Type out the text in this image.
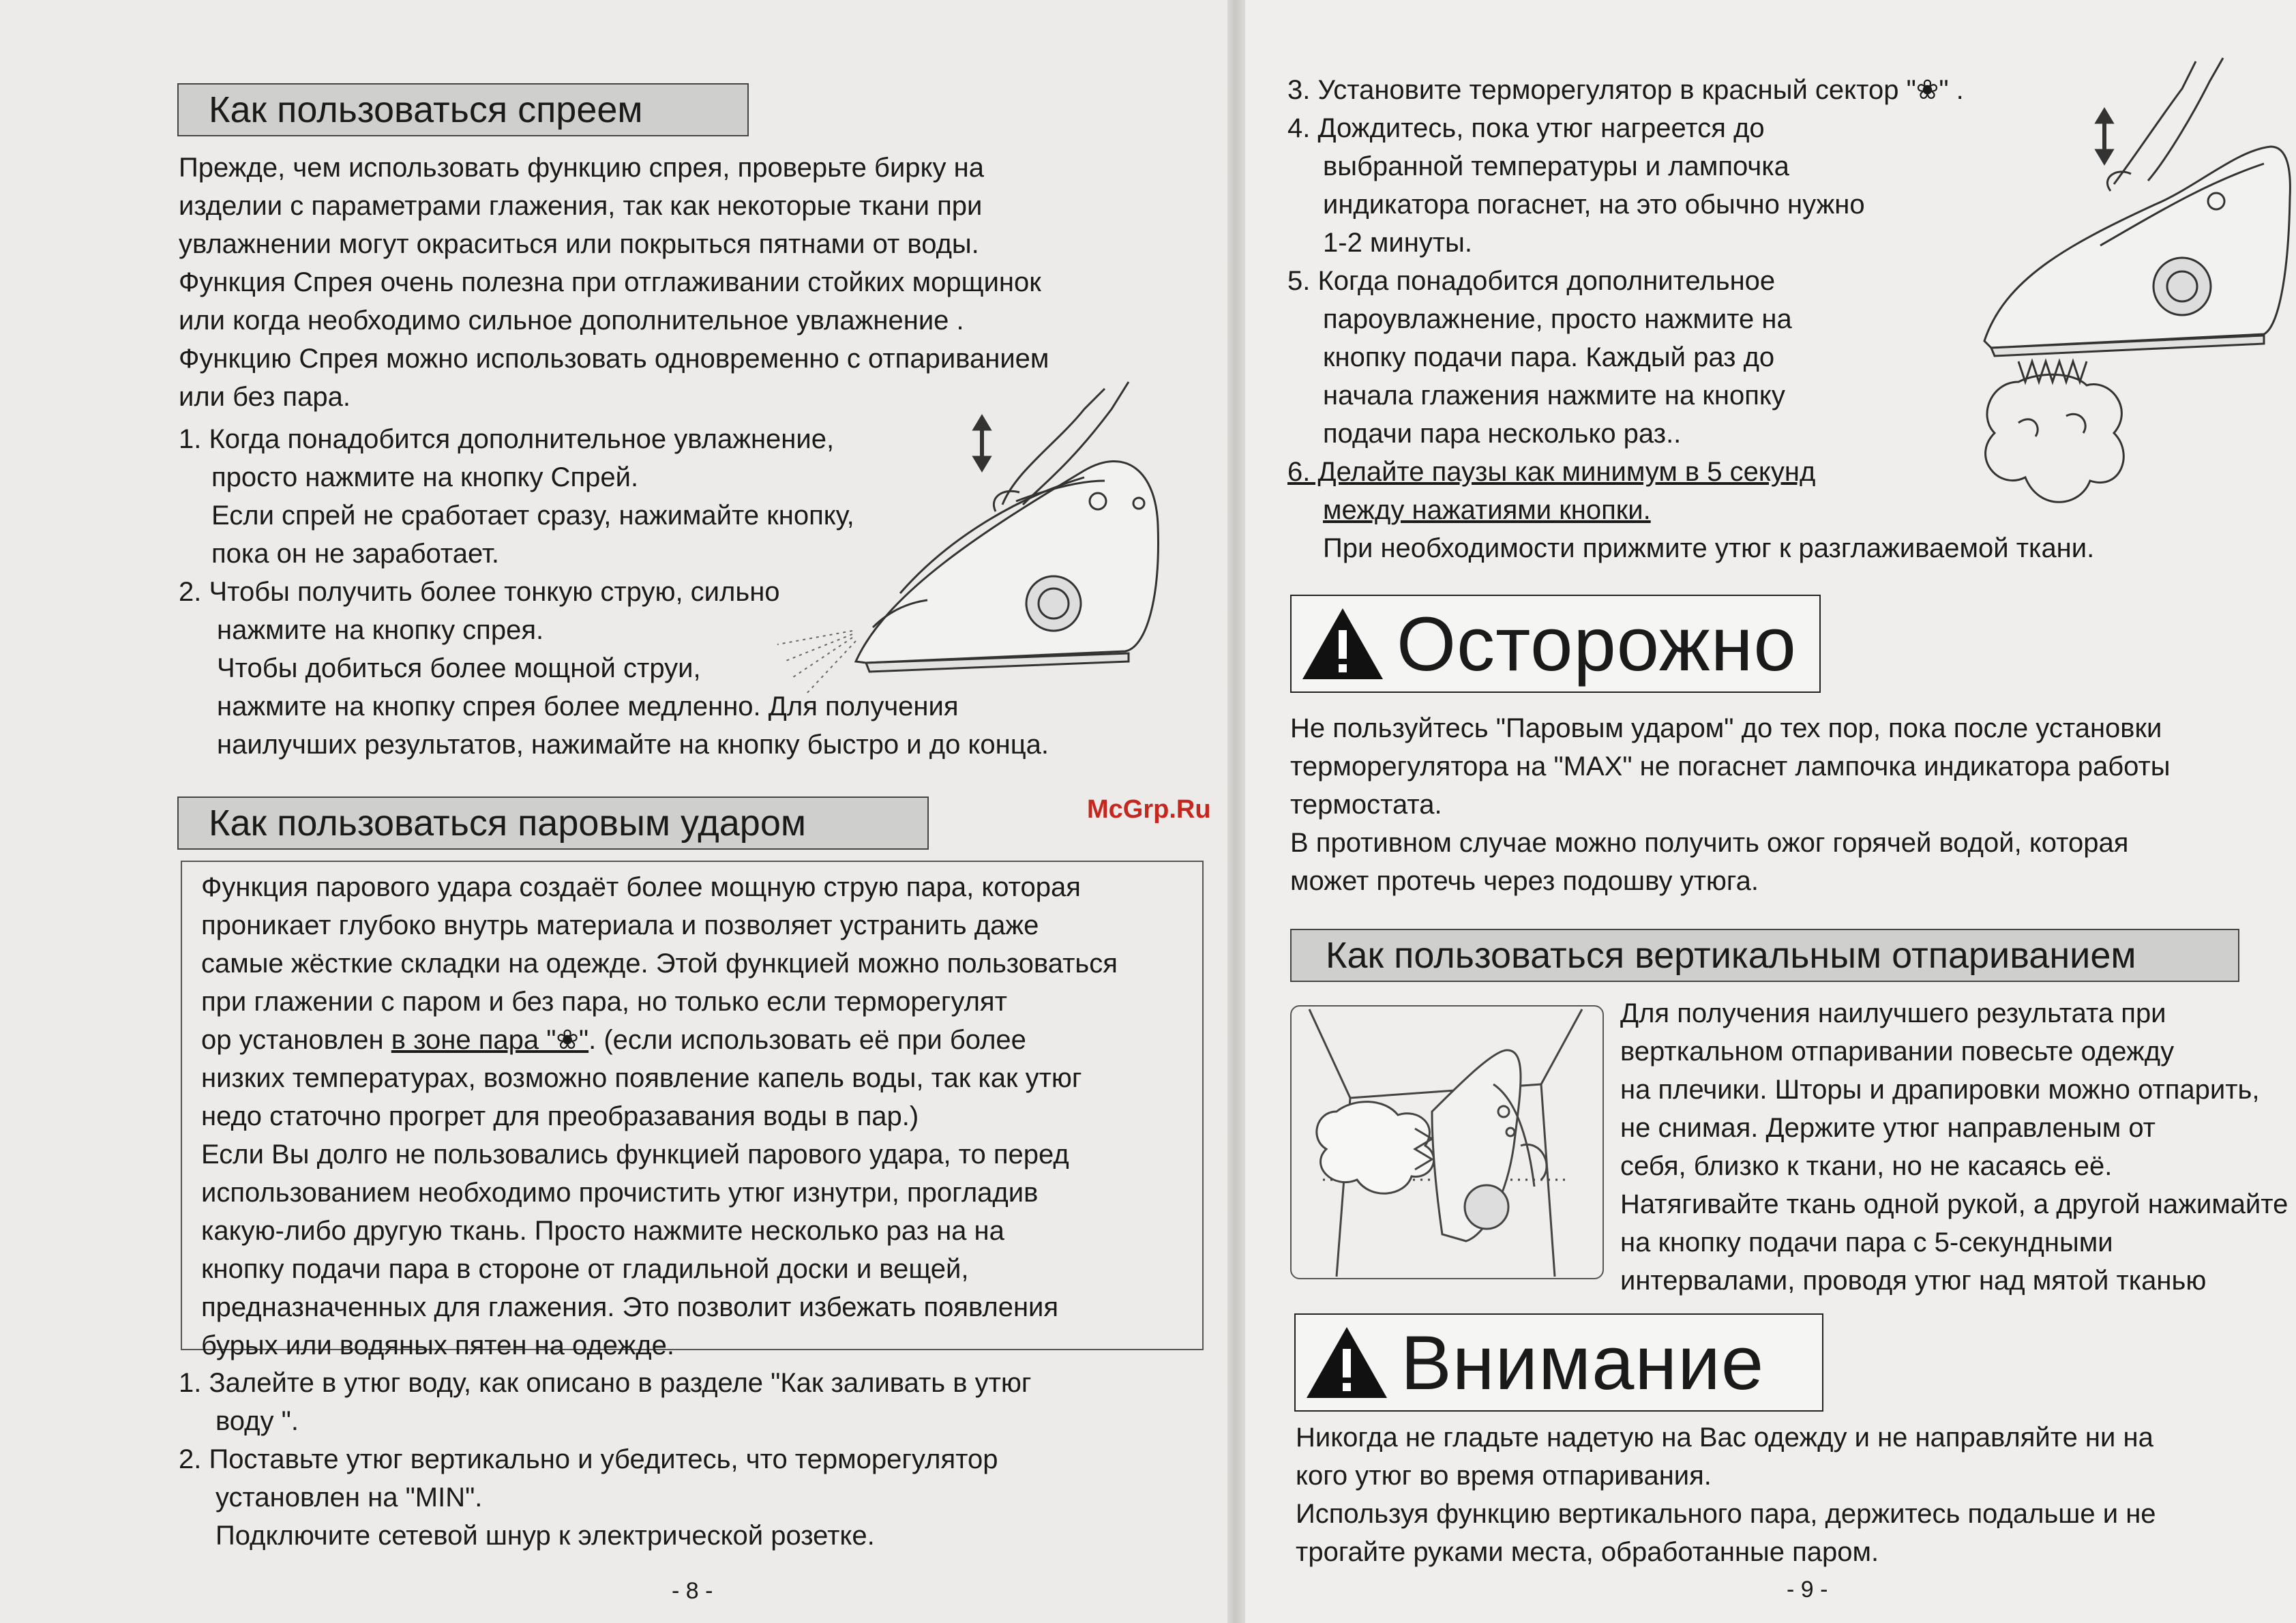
Как пользоваться спреем
Прежде, чем использовать функцию спрея, проверьте бирку на
изделии с параметрами глажения, так как некоторые ткани при
увлажнении могут окраситься или покрыться пятнами от воды.
Функция Спрея очень полезна при отглаживании стойких морщинок
или когда необходимо сильное дополнительное увлажнение .
Функцию Спрея можно использовать одновременно с отпариванием
или без пара.
1. Когда понадобится дополнительное увлажнение,
просто нажмите на кнопку Спрей.
Если спрей не сработает сразу, нажимайте кнопку,
пока он не заработает.
2. Чтобы получить более тонкую струю, сильно
нажмите на кнопку спрея.
Чтобы добиться более мощной струи,
нажмите на кнопку спрея более медленно. Для получения
наилучших результатов, нажимайте на кнопку быстро и до конца.
McGrp.Ru
Как пользоваться паровым ударом
Функция парового удара создаёт более мощную струю пара, которая
проникает глубоко внутрь материала и позволяет устранить даже
самые жёсткие складки на одежде. Этой функцией можно пользоваться
при глажении с паром и без пара, но только если терморегулят
ор установлен в зоне пара "❀". (если использовать её при более
низких температурах, возможно появление капель воды, так как утюг
недо статочно прогрет для преобразавания воды в пар.)
Если Вы долго не пользовались функцией парового удара, то перед
использованием необходимо прочистить утюг изнутри, прогладив
какую-либо другую ткань. Просто нажмите несколько раз на на
кнопку подачи пара в стороне от гладильной доски и вещей,
предназначенных для глажения. Это позволит избежать появления
бурых или водяных пятен на одежде.
1. Залейте в утюг воду, как описано в разделе "Как заливать в утюг
воду ".
2. Поставьте утюг вертикально и убедитесь, что терморегулятор
установлен на "MIN".
Подключите сетевой шнур к электрической розетке.
- 8 -
3. Установите терморегулятор в красный сектор "❀" .
4. Дождитесь, пока утюг нагреется до
выбранной температуры и лампочка
индикатора погаснет, на это обычно нужно
1-2 минуты.
5. Когда понадобится дополнительное
пароувлажнение, просто нажмите на
кнопку подачи пара. Каждый раз до
начала глажения нажмите на кнопку
подачи пара несколько раз..
6. Делайте паузы как минимум в 5 секунд
между нажатиями кнопки.
При необходимости прижмите утюг к разглаживаемой ткани.
Осторожно
Не пользуйтесь "Паровым ударом" до тех пор, пока после установки
терморегулятора на "MAX" не погаснет лампочка индикатора работы
термостата.
В противном случае можно получить ожог горячей водой, которая
может протечь через подошву утюга.
Как пользоваться вертикальным отпариванием
Для получения наилучшего результата при
верткальном отпаривании повесьте одежду
на плечики. Шторы и драпировки можно отпарить,
не снимая. Держите утюг направленым от
себя, близко к ткани, но не касаясь её.
Натягивайте ткань одной рукой, а другой нажимайте
на кнопку подачи пара с 5-секундными
интервалами, проводя утюг над мятой тканью
Внимание
Никогда не гладьте надетую на Вас одежду и не направляйте ни на
кого утюг во время отпаривания.
Используя функцию вертикального пара, держитесь подальше и не
трогайте руками места, обработанные паром.
- 9 -
